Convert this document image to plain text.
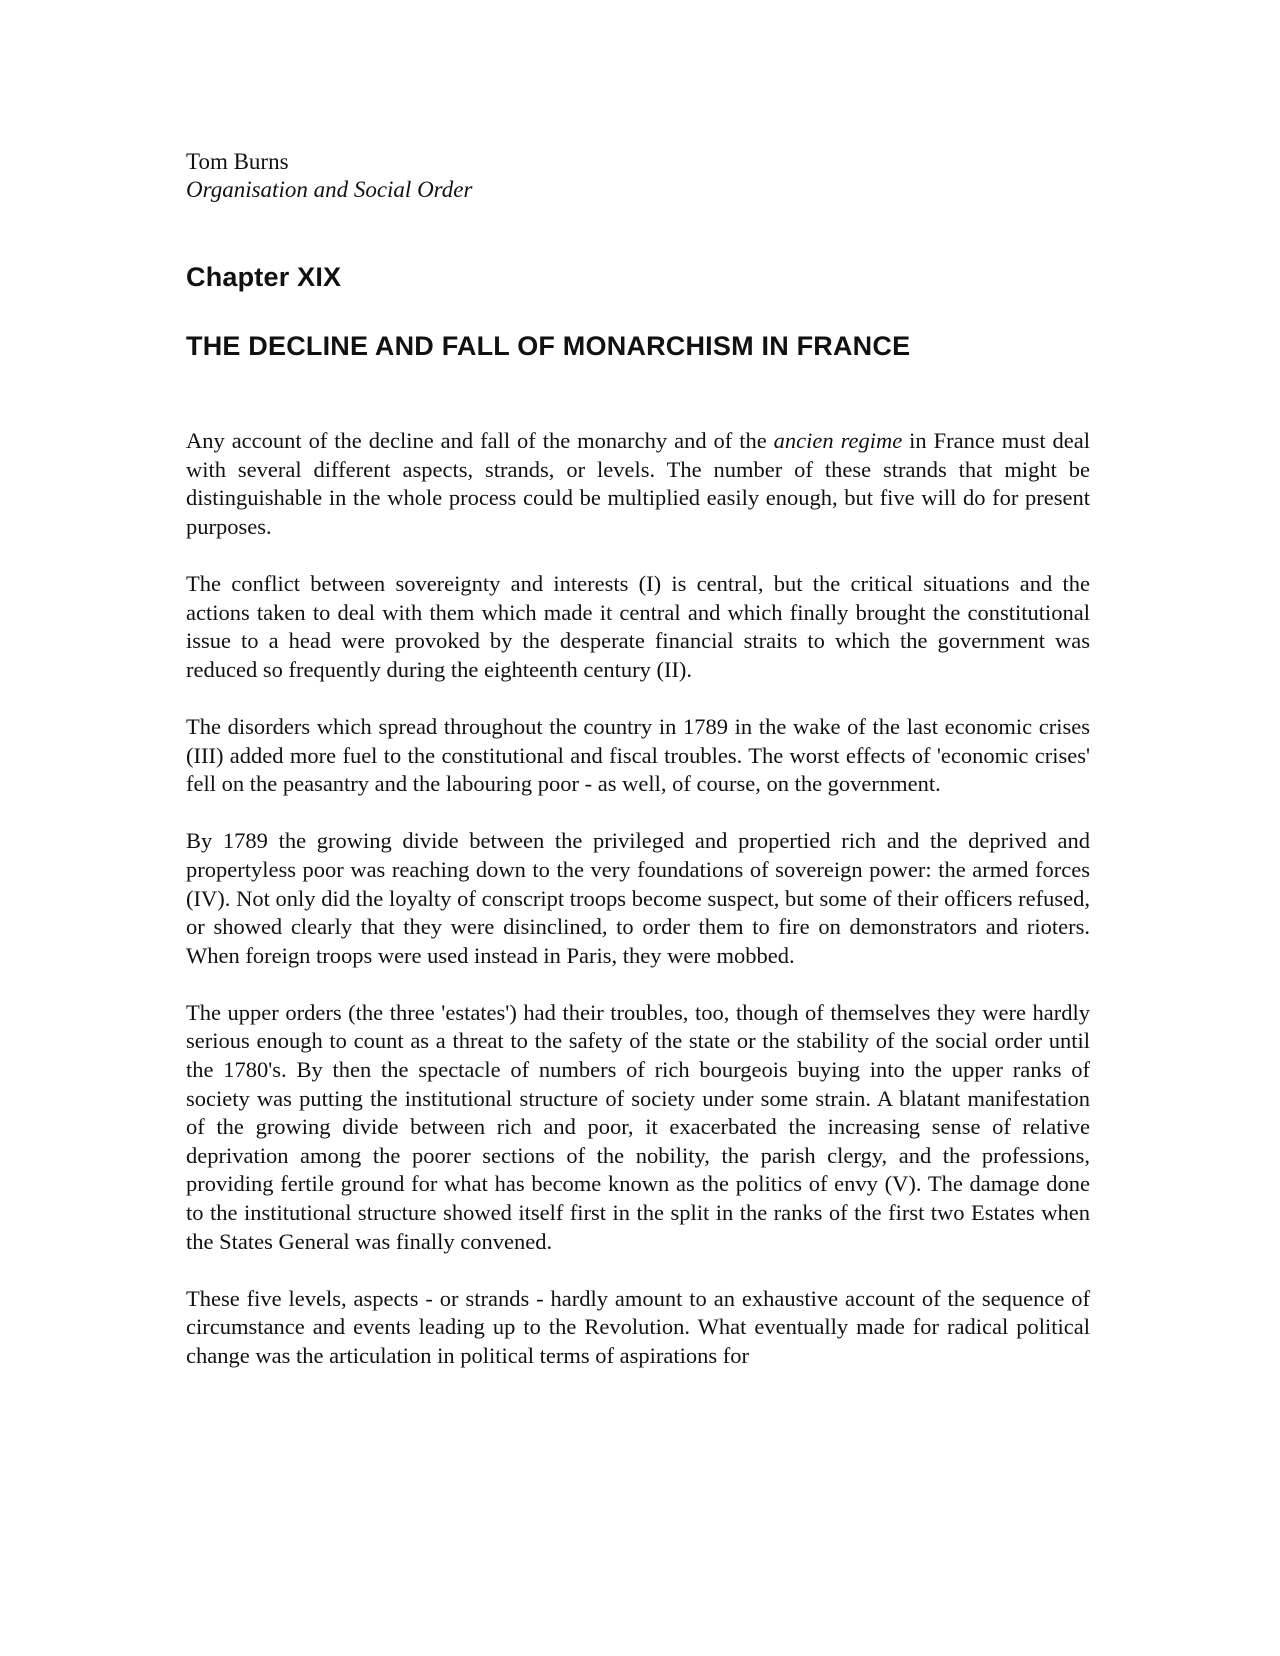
Tom Burns

Organisation and Social Order

Chapter XIX
THE DECLINE AND FALL OF MONARCHISM IN FRANCE

Any account of the decline and fall of the monarchy and of the ancien regime in France must deal with several different aspects, strands, or levels. The number of these strands that might be distinguishable in the whole process could be multiplied easily enough, but five will do for present purposes.

The conflict between sovereignty and interests (I) is central, but the critical situations and the actions taken to deal with them which made it central and which finally brought the constitutional issue to a head were provoked by the desperate financial straits to which the government was reduced so frequently during the eighteenth century (II).

The disorders which spread throughout the country in 1789 in the wake of the last economic crises (III) added more fuel to the constitutional and fiscal troubles. The worst effects of 'economic crises' fell on the peasantry and the labouring poor - as well, of course, on the government.

By 1789 the growing divide between the privileged and propertied rich and the deprived and propertyless poor was reaching down to the very foundations of sovereign power: the armed forces (IV). Not only did the loyalty of conscript troops become suspect, but some of their officers refused, or showed clearly that they were disinclined, to order them to fire on demonstrators and rioters. When foreign troops were used instead in Paris, they were mobbed.

The upper orders (the three 'estates') had their troubles, too, though of themselves they were hardly serious enough to count as a threat to the safety of the state or the stability of the social order until the 1780's. By then the spectacle of numbers of rich bourgeois buying into the upper ranks of society was putting the institutional structure of society under some strain. A blatant manifestation of the growing divide between rich and poor, it exacerbated the increasing sense of relative deprivation among the poorer sections of the nobility, the parish clergy, and the professions, providing fertile ground for what has become known as the politics of envy (V). The damage done to the institutional structure showed itself first in the split in the ranks of the first two Estates when the States General was finally convened.

These five levels, aspects - or strands - hardly amount to an exhaustive account of the sequence of circumstance and events leading up to the Revolution. What eventually made for radical political change was the articulation in political terms of aspirations for
